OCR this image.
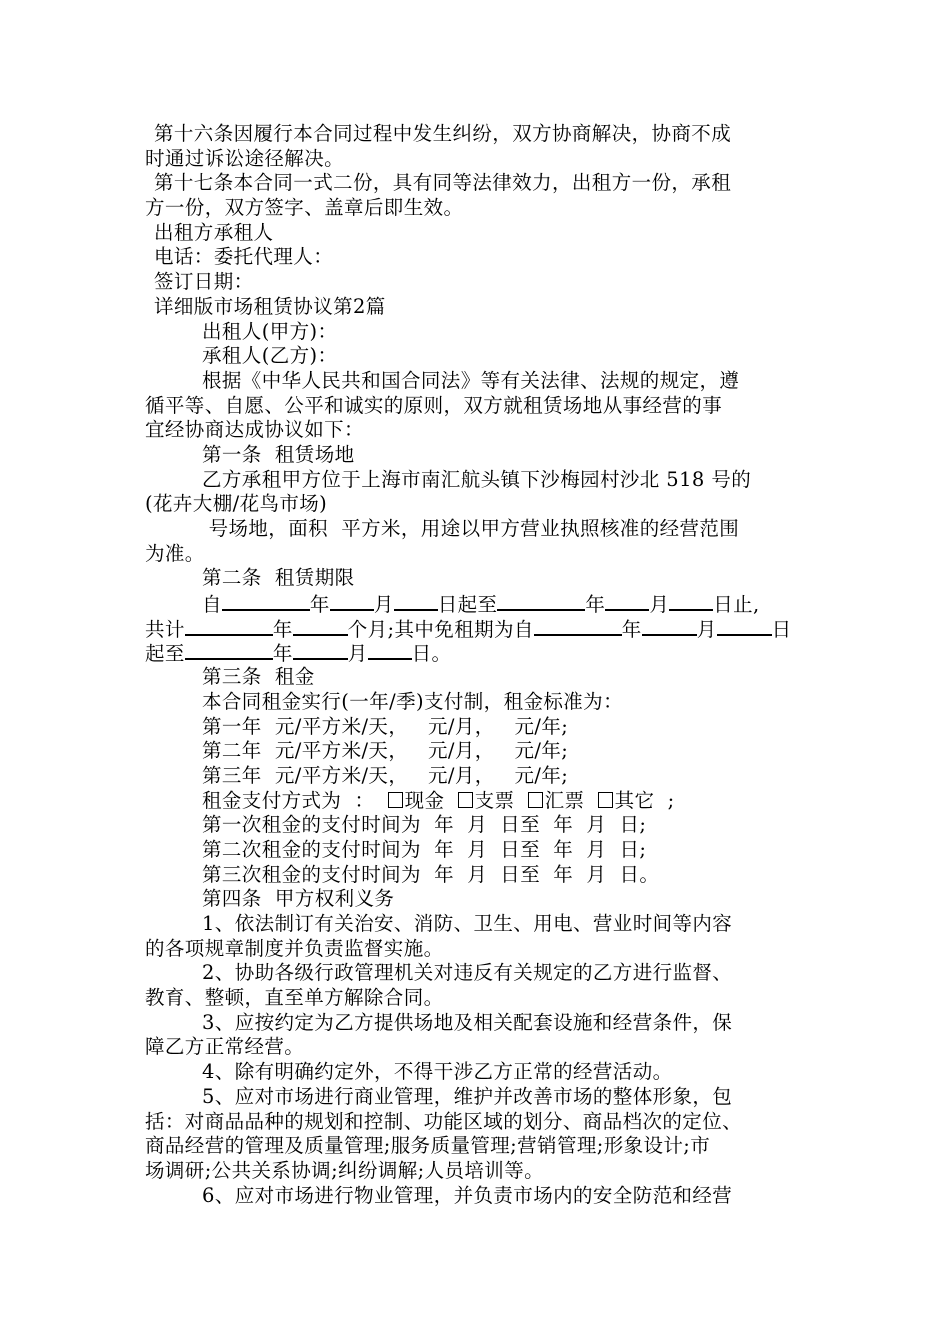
第十六条因履行本合同过程中发生纠纷，双方协商解决，协商不成
时通过诉讼途径解决。
第十七条本合同一式二份，具有同等法律效力，出租方一份，承租
方一份，双方签字、盖章后即生效。
出租方承租人
电话：委托代理人：
签订日期：
详细版市场租赁协议第2篇
出租人(甲方)：
承租人(乙方)：
根据《中华人民共和国合同法》等有关法律、法规的规定，遵
循平等、自愿、公平和诚实的原则，双方就租赁场地从事经营的事
宜经协商达成协议如下：
第一条  租赁场地
乙方承租甲方位于上海市南汇航头镇下沙梅园村沙北 518 号的
(花卉大棚/花鸟市场)
号场地，面积  平方米，用途以甲方营业执照核准的经营范围
为准。
第二条  租赁期限
自	年 月 日起至	年 月 日止,
共计	年	个月;其中免租期为自	年	月	日
起至	年	月 日。
第三条  租金
本合同租金实行(一年/季)支付制，租金标准为：
第一年  元/平方米/天，   元/月，   元/年;
第二年  元/平方米/天，   元/月，   元/年;
第三年  元/平方米/天，   元/月，   元/年;
租金支付方式为  ：  现金  支票  汇票  其它  ;
第一次租金的支付时间为  年  月  日至  年  月  日;
第二次租金的支付时间为  年  月  日至  年  月  日;
第三次租金的支付时间为  年  月  日至  年  月  日。
第四条  甲方权利义务
1、依法制订有关治安、消防、卫生、用电、营业时间等内容
的各项规章制度并负责监督实施。
2、协助各级行政管理机关对违反有关规定的乙方进行监督、
教育、整顿，直至单方解除合同。
3、应按约定为乙方提供场地及相关配套设施和经营条件，保
障乙方正常经营。
4、除有明确约定外，不得干涉乙方正常的经营活动。
5、应对市场进行商业管理，维护并改善市场的整体形象，包
括：对商品品种的规划和控制、功能区域的划分、商品档次的定位、
商品经营的管理及质量管理;服务质量管理;营销管理;形象设计;市
场调研;公共关系协调;纠纷调解;人员培训等。
6、应对市场进行物业管理，并负责市场内的安全防范和经营
